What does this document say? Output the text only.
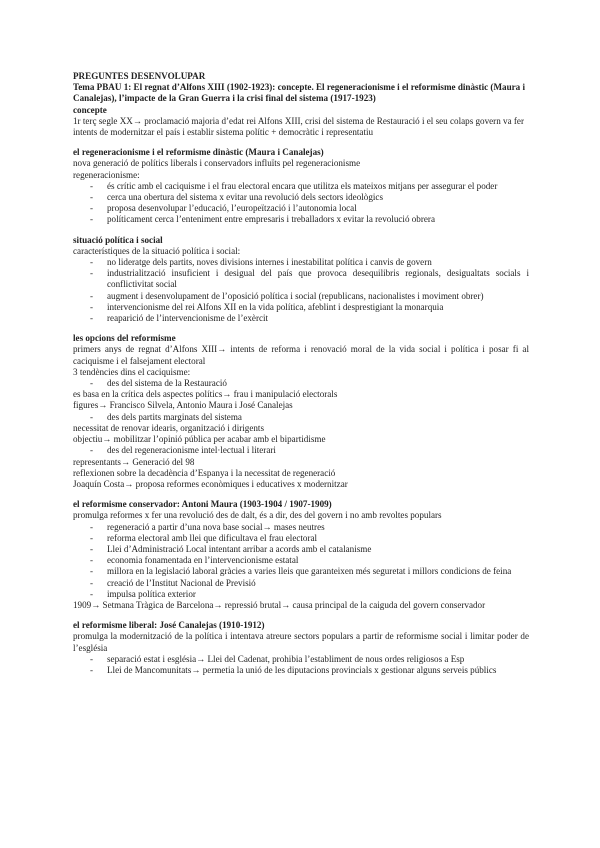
PREGUNTES DESENVOLUPAR

Tema PBAU 1: El regnat d’Alfons XIII (1902-1923): concepte. El regeneracionisme i el reformisme dinàstic (Maura i Canalejas), l’impacte de la Gran Guerra i la crisi final del sistema (1917-1923)

concepte

1r terç segle XX→ proclamació majoria d’edat rei Alfons XIII, crisi del sistema de Restauració i el seu colaps govern va fer intents de modernitzar el país i establir sistema polític + democràtic i representatiu

el regeneracionisme i el reformisme dinàstic (Maura i Canalejas)

nova generació de polítics liberals i conservadors influïts pel regeneracionisme

regeneracionisme:

- és crític amb el caciquisme i el frau electoral encara que utilitza els mateixos mitjans per assegurar el poder
- cerca una obertura del sistema x evitar una revolució dels sectors ideològics
- proposa desenvolupar l’educació, l’europeïtzació i l’autonomia local
- políticament cerca l’enteniment entre empresaris i treballadors x evitar la revolució obrera

situació política i social

característiques de la situació política i social:

- no lideratge dels partits, noves divisions internes i inestabilitat política i canvis de govern
- industrialització insuficient i desigual del país que provoca desequilibris regionals, desigualtats socials i conflictivitat social
- augment i desenvolupament de l’oposició política i social (republicans, nacionalistes i moviment obrer)
- intervencionisme del rei Alfons XII en la vida política, afeblint i desprestigiant la monarquia
- reaparició de l’intervencionisme de l’exèrcit

les opcions del reformisme

primers anys de regnat d’Alfons XIII→ intents de reforma i renovació moral de la vida social i política i posar fi al caciquisme i el falsejament electoral

3 tendències dins el caciquisme:

- des del sistema de la Restauració

es basa en la crítica dels aspectes polítics→ frau i manipulació electorals

figures→ Francisco Silvela, Antonio Maura i José Canalejas

- des dels partits marginats del sistema

necessitat de renovar idearis, organització i dirigents

objectiu→ mobilitzar l’opinió pública per acabar amb el bipartidisme

- des del regeneracionisme intel·lectual i literari

representants→ Generació del 98

reflexionen sobre la decadència d’Espanya i la necessitat de regeneració

Joaquín Costa→ proposa reformes econòmiques i educatives x modernitzar

el reformisme conservador: Antoni Maura (1903-1904 / 1907-1909)

promulga reformes x fer una revolució des de dalt, és a dir, des del govern i no amb revoltes populars

- regeneració a partir d’una nova base social→ mases neutres
- reforma electoral amb llei que dificultava el frau electoral
- Llei d’Administració Local intentant arribar a acords amb el catalanisme
- economia fonamentada en l’intervencionisme estatal
- millora en la legislació laboral gràcies a varies lleis que garanteixen més seguretat i millors condicions de feina
- creació de l’Institut Nacional de Previsió
- impulsa política exterior

1909→ Setmana Tràgica de Barcelona→ repressió brutal→ causa principal de la caiguda del govern conservador

el reformisme liberal: José Canalejas (1910-1912)

promulga la modernització de la política i intentava atreure sectors populars a partir de reformisme social i limitar poder de l’església

- separació estat i església→ Llei del Cadenat, prohibia l’establiment de nous ordes religiosos a Esp
- Llei de Mancomunitats→ permetia la unió de les diputacions provincials x gestionar alguns serveis públics
